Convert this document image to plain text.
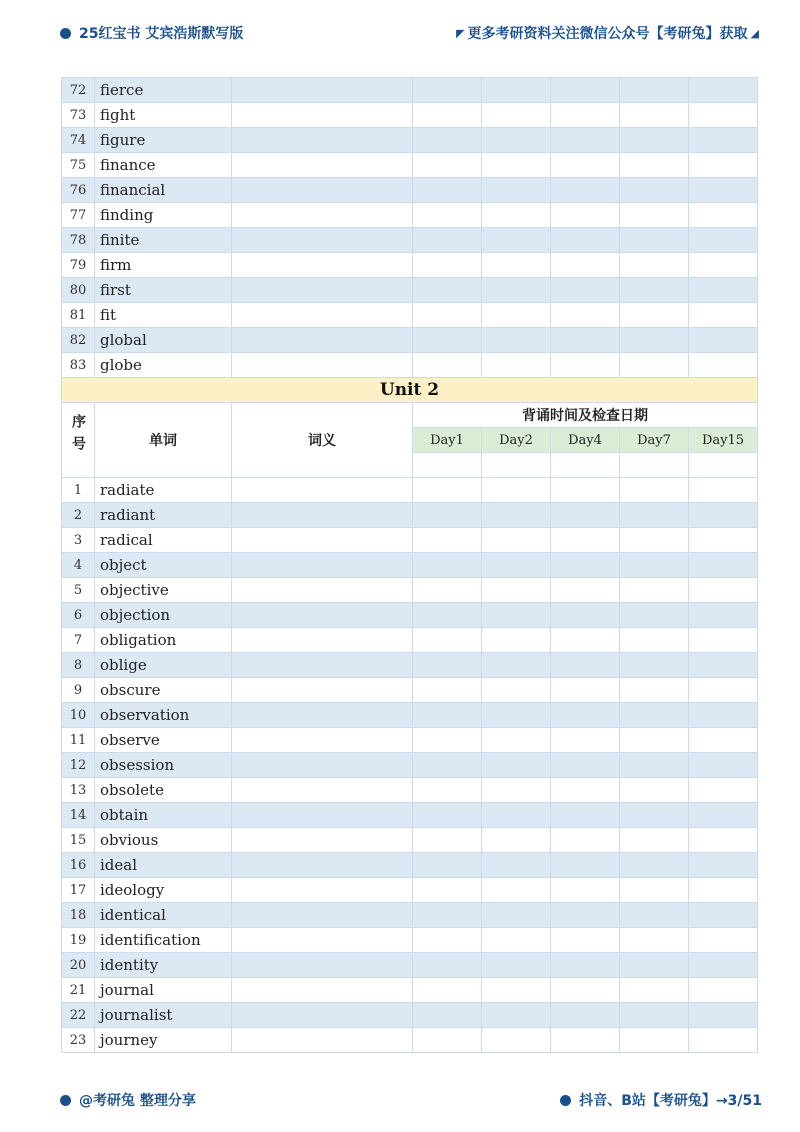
25红宝书 艾宾浩斯默写版	◤ 更多考研资料关注微信公众号【考研兔】获取 ◢
72	fierce						
73	fight						
74	figure						
75	finance						
76	financial						
77	finding						
78	finite						
79	firm						
80	first						
81	fit						
82	global						
83	globe						
Unit 2							
序号	单词	词义	背诵时间及检查日期				
			Day1	Day2	Day4	Day7	Day15

1	radiate						
2	radiant						
3	radical						
4	object						
5	objective						
6	objection						
7	obligation						
8	oblige						
9	obscure						
10	observation						
11	observe						
12	obsession						
13	obsolete						
14	obtain						
15	obvious						
16	ideal						
17	ideology						
18	identical						
19	identification						
20	identity						
21	journal						
22	journalist						
23	journey						
@考研兔 整理分享	抖音、B站【考研兔】→3/51
